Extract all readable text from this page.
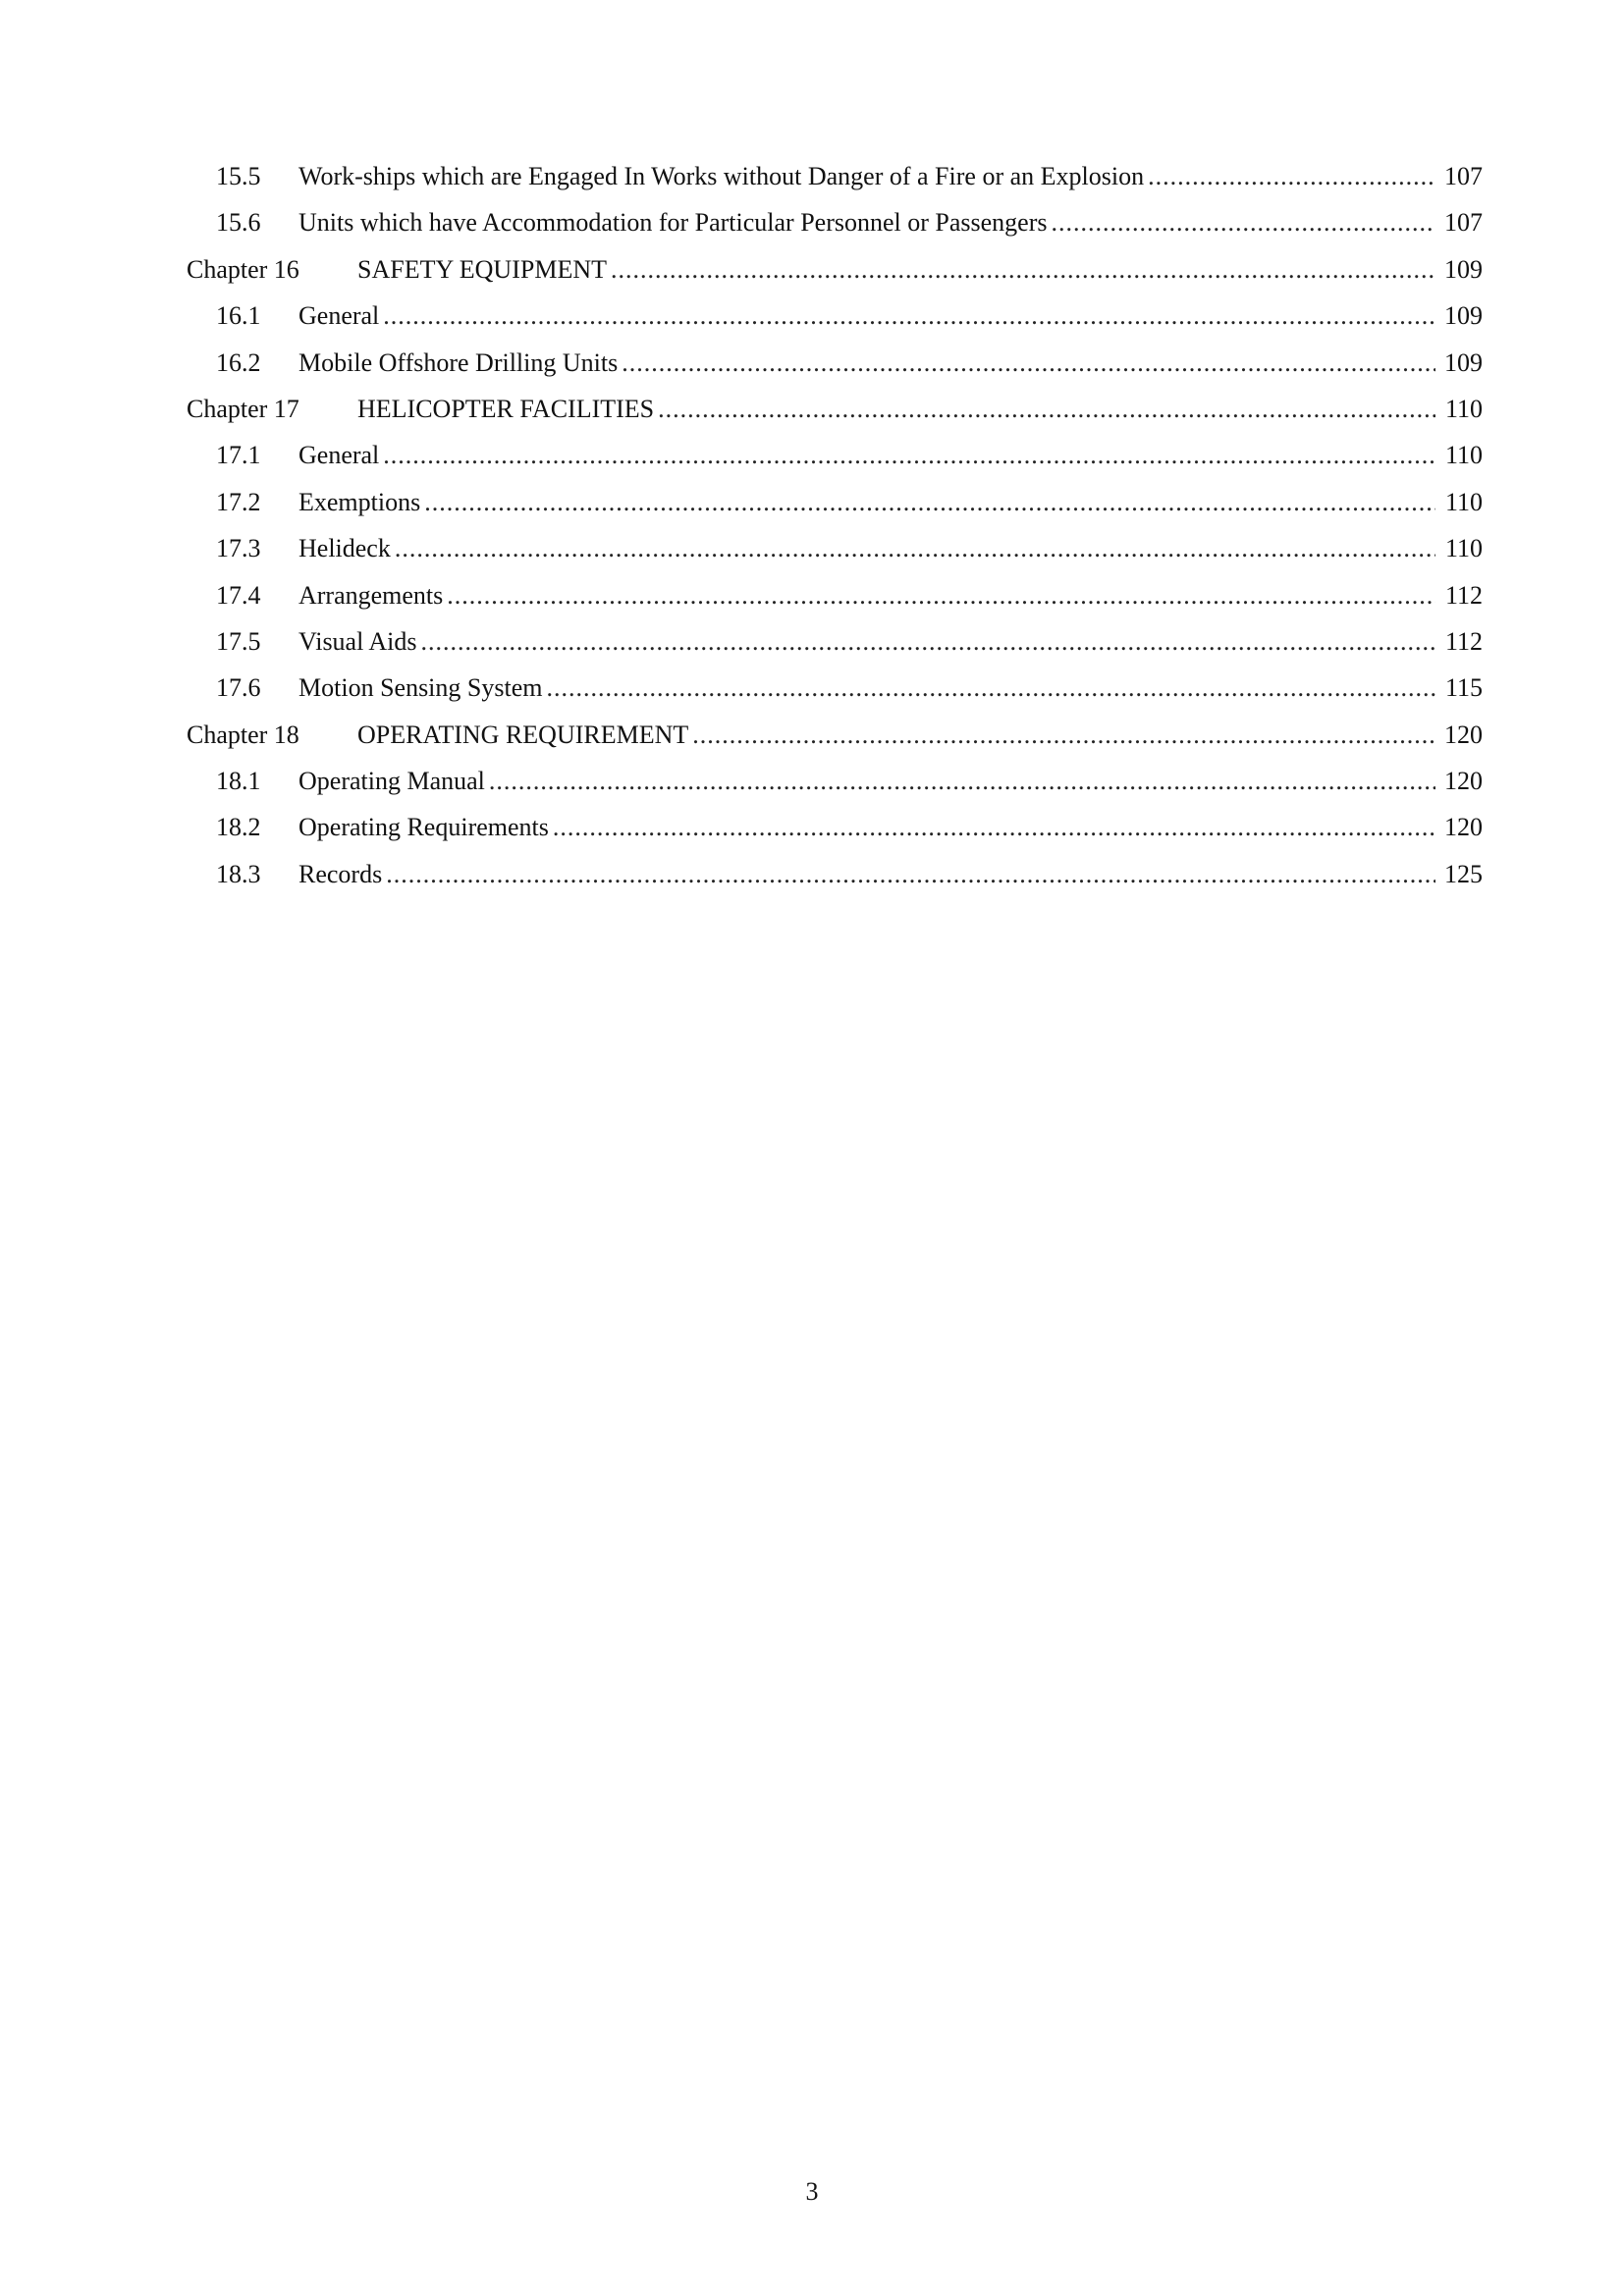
15.5	Work-ships which are Engaged In Works without Danger of a Fire or an Explosion .....	107
15.6	Units which have Accommodation for Particular Personnel or Passengers .....	107
Chapter 16	SAFETY EQUIPMENT .....	109
16.1	General .....	109
16.2	Mobile Offshore Drilling Units .....	109
Chapter 17	HELICOPTER FACILITIES .....	110
17.1	General .....	110
17.2	Exemptions .....	110
17.3	Helideck .....	110
17.4	Arrangements .....	112
17.5	Visual Aids .....	112
17.6	Motion Sensing System .....	115
Chapter 18	OPERATING REQUIREMENT .....	120
18.1	Operating Manual .....	120
18.2	Operating Requirements .....	120
18.3	Records .....	125
3
